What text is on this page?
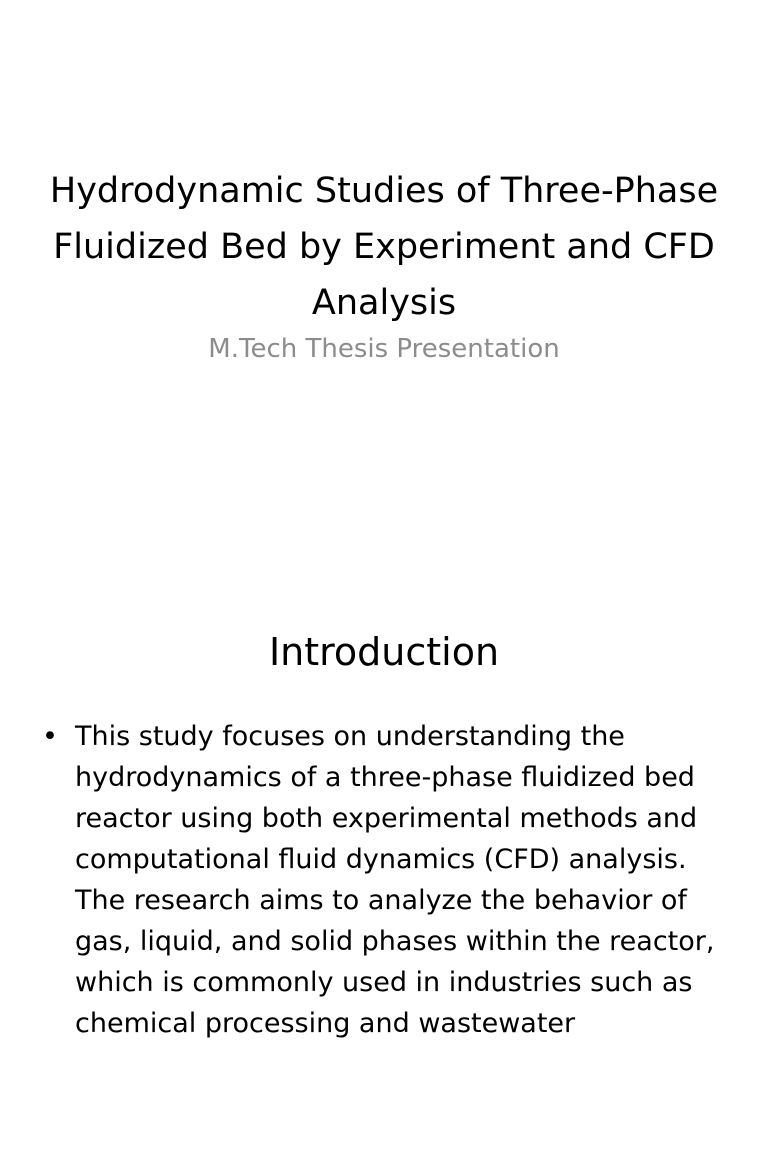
Hydrodynamic Studies of Three-Phase Fluidized Bed by Experiment and CFD Analysis

M.Tech Thesis Presentation

Introduction
• This study focuses on understanding the hydrodynamics of a three-phase fluidized bed reactor using both experimental methods and computational fluid dynamics (CFD) analysis. The research aims to analyze the behavior of gas, liquid, and solid phases within the reactor, which is commonly used in industries such as chemical processing and wastewater
